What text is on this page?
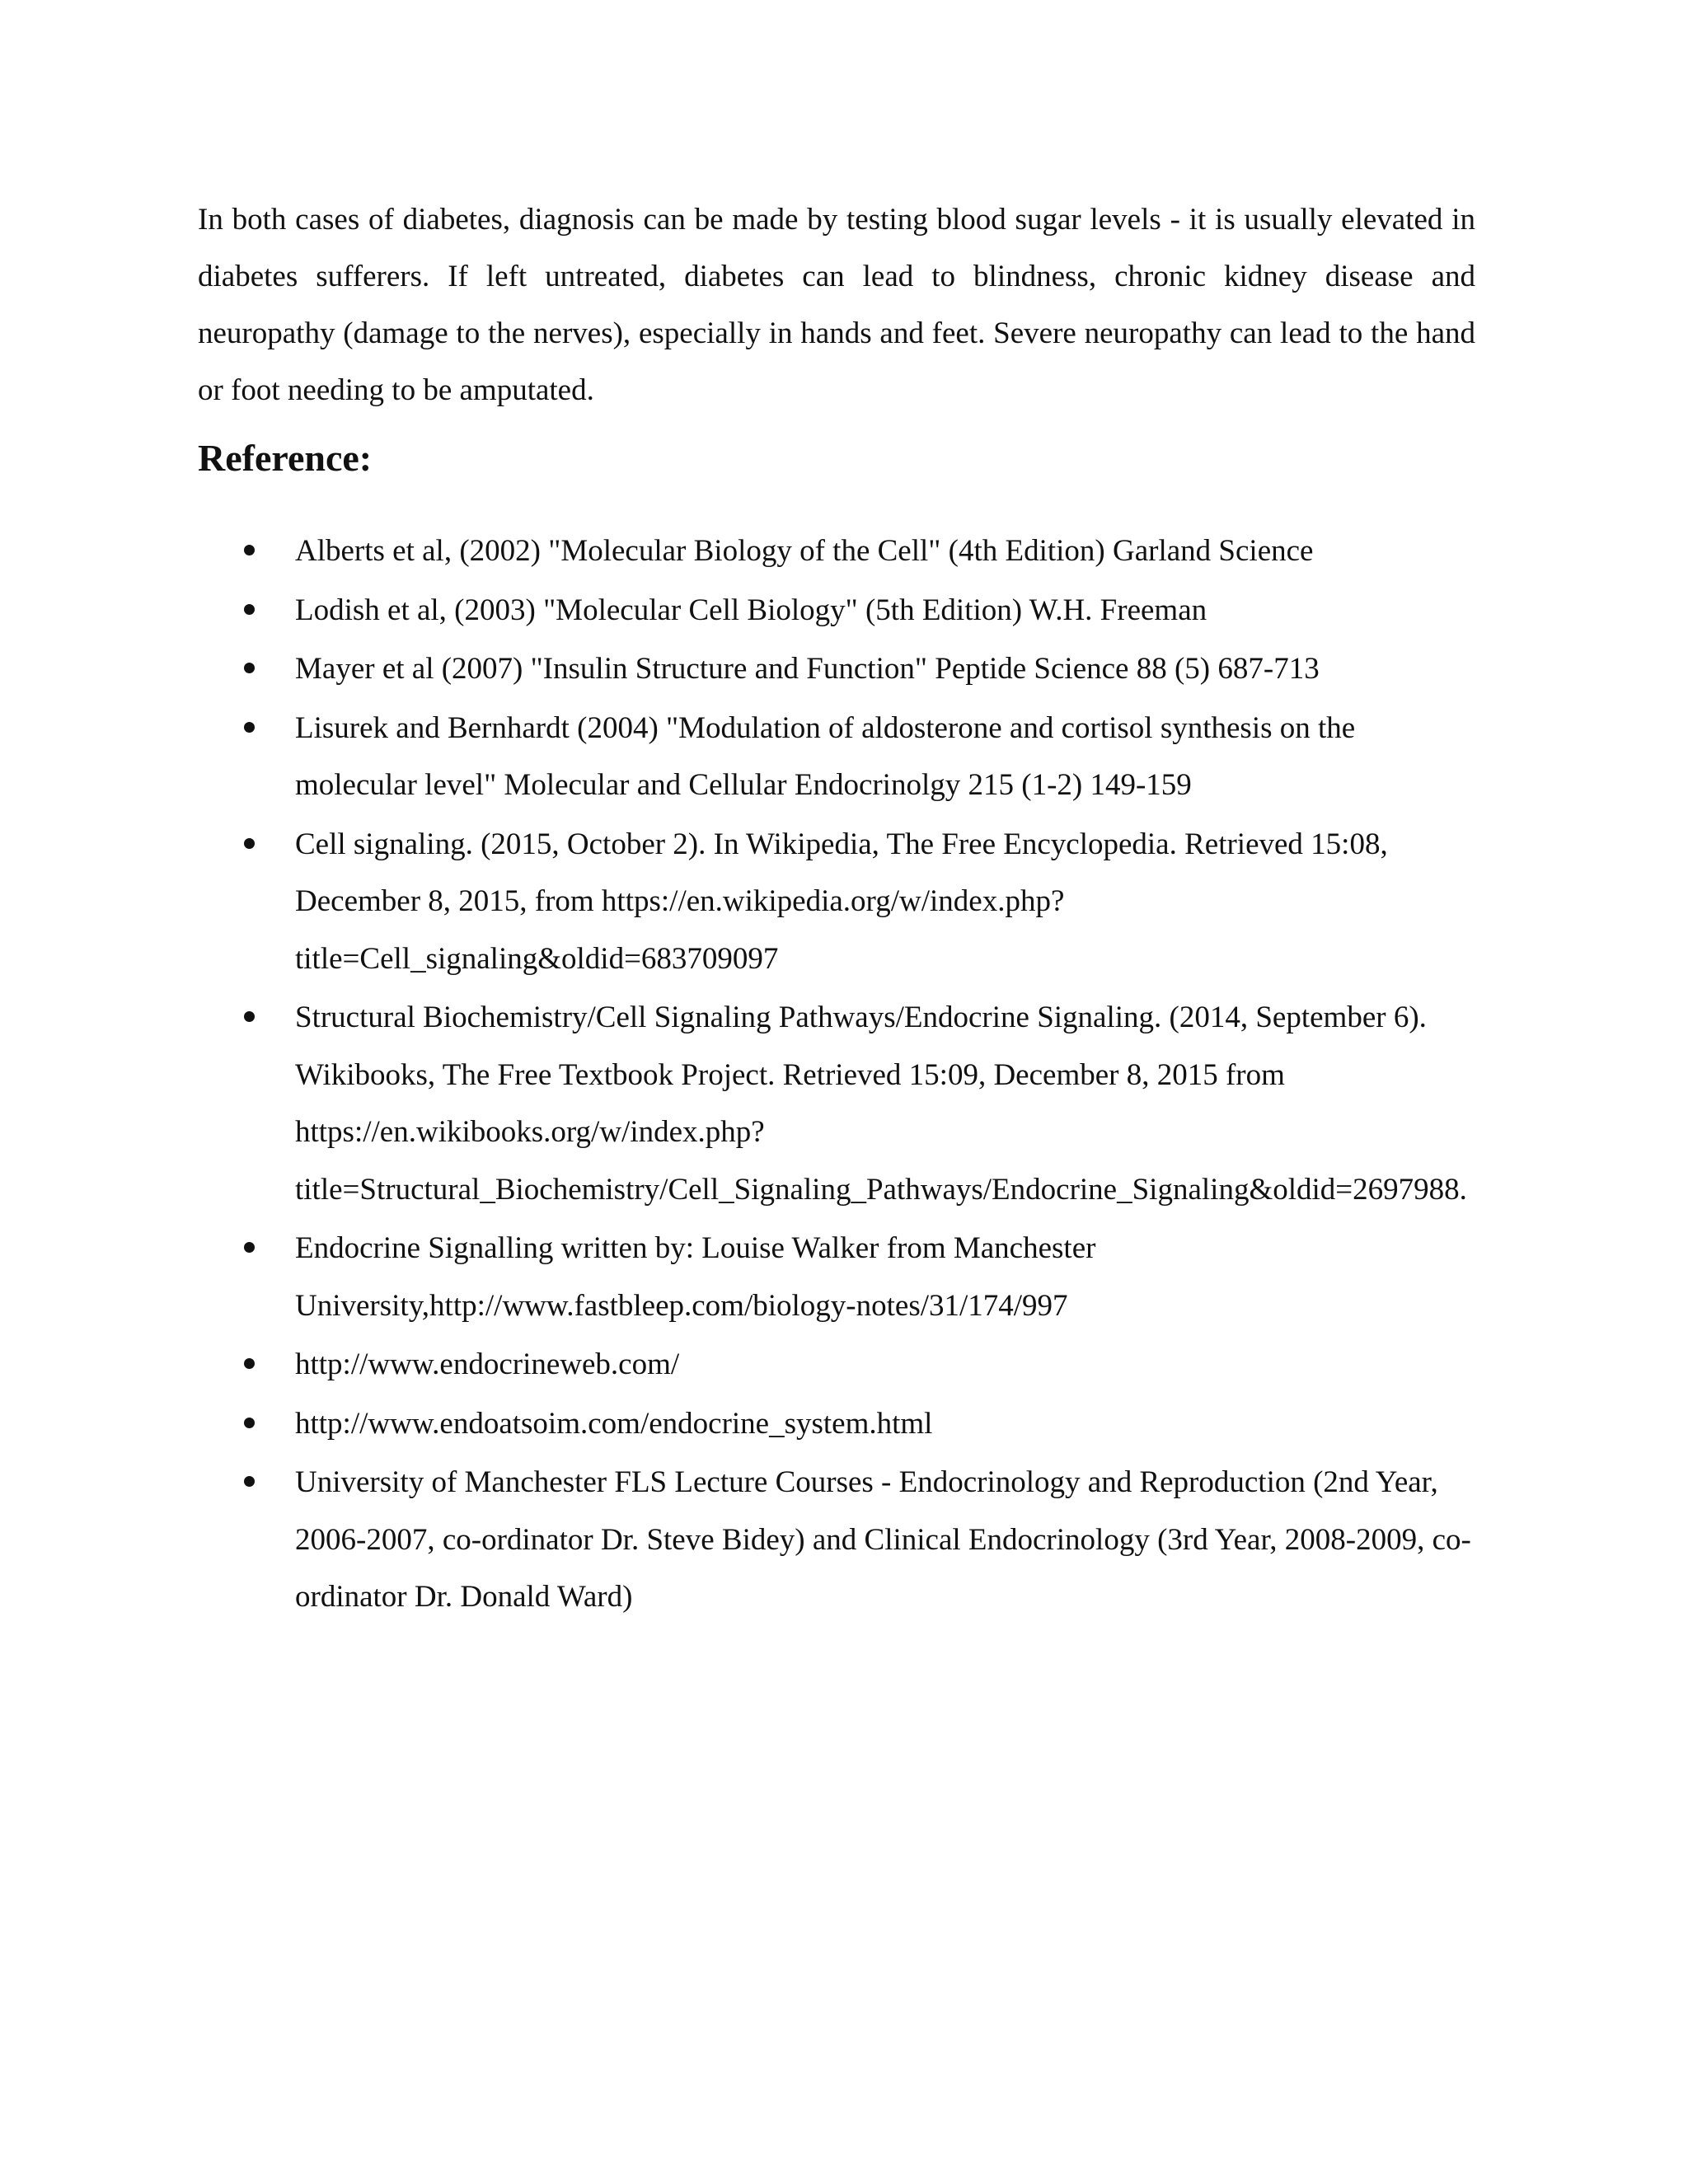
In both cases of diabetes, diagnosis can be made by testing blood sugar levels - it is usually elevated in diabetes sufferers. If left untreated, diabetes can lead to blindness, chronic kidney disease and neuropathy (damage to the nerves), especially in hands and feet. Severe neuropathy can lead to the hand or foot needing to be amputated.

Reference:
Alberts et al, (2002) "Molecular Biology of the Cell" (4th Edition) Garland Science
Lodish et al, (2003) "Molecular Cell Biology" (5th Edition) W.H. Freeman
Mayer et al (2007) "Insulin Structure and Function" Peptide Science 88 (5) 687-713
Lisurek and Bernhardt (2004) "Modulation of aldosterone and cortisol synthesis on the molecular level" Molecular and Cellular Endocrinolgy 215 (1-2) 149-159
Cell signaling. (2015, October 2). In Wikipedia, The Free Encyclopedia. Retrieved 15:08, December 8, 2015, from https://en.wikipedia.org/w/index.php?title=Cell_signaling&oldid=683709097
Structural Biochemistry/Cell Signaling Pathways/Endocrine Signaling. (2014, September 6). Wikibooks, The Free Textbook Project. Retrieved 15:09, December 8, 2015 from https://en.wikibooks.org/w/index.php?title=Structural_Biochemistry/Cell_Signaling_Pathways/Endocrine_Signaling&oldid=2697988.
Endocrine Signalling written by: Louise Walker from Manchester University,http://www.fastbleep.com/biology-notes/31/174/997
http://www.endocrineweb.com/
http://www.endoatsoim.com/endocrine_system.html
University of Manchester FLS Lecture Courses - Endocrinology and Reproduction (2nd Year, 2006-2007, co-ordinator Dr. Steve Bidey) and Clinical Endocrinology (3rd Year, 2008-2009, co-ordinator Dr. Donald Ward)
